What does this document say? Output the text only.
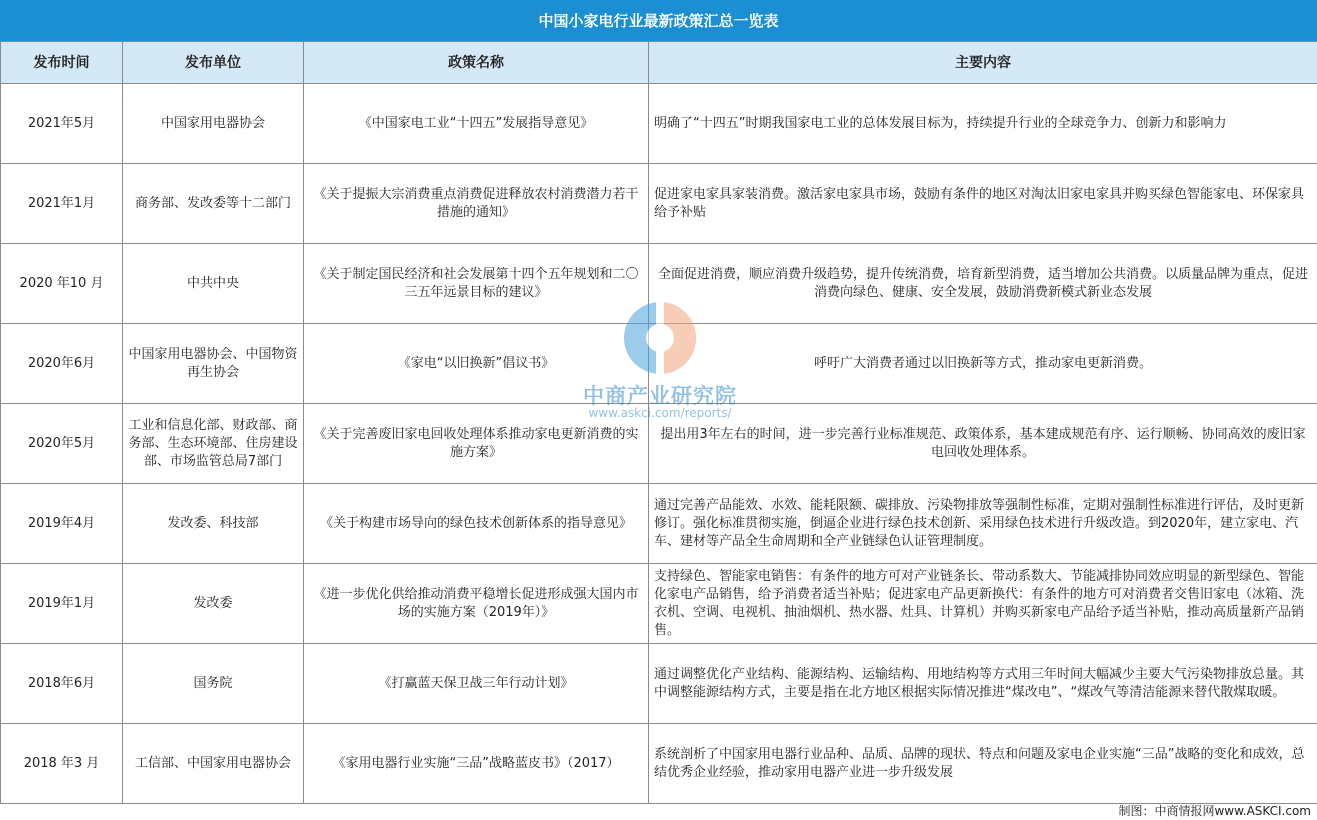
中国小家电行业最新政策汇总一览表
发布时间	发布单位	政策名称	主要内容
2021年5月	中国家用电器协会	《中国家电工业“十四五”发展指导意见》	明确了“十四五”时期我国家电工业的总体发展目标为，持续提升行业的全球竞争力、创新力和影响力
2021年1月	商务部、发改委等十二部门	《关于提振大宗消费重点消费促进释放农村消费潜力若干措施的通知》	促进家电家具家装消费。激活家电家具市场，鼓励有条件的地区对淘汰旧家电家具并购买绿色智能家电、环保家具给予补贴
2020 年10 月	中共中央	《关于制定国民经济和社会发展第十四个五年规划和二〇三五年远景目标的建议》	全面促进消费，顺应消费升级趋势，提升传统消费，培育新型消费，适当增加公共消费。以质量品牌为重点，促进消费向绿色、健康、安全发展，鼓励消费新模式新业态发展
2020年6月	中国家用电器协会、中国物资再生协会	《家电“以旧换新”倡议书》	呼吁广大消费者通过以旧换新等方式，推动家电更新消费。
2020年5月	工业和信息化部、财政部、商务部、生态环境部、住房建设部、市场监管总局7部门	《关于完善废旧家电回收处理体系推动家电更新消费的实施方案》	提出用3年左右的时间，进一步完善行业标准规范、政策体系，基本建成规范有序、运行顺畅、协同高效的废旧家电回收处理体系。
2019年4月	发改委、科技部	《关于构建市场导向的绿色技术创新体系的指导意见》	通过完善产品能效、水效、能耗限额、碳排放、污染物排放等强制性标准，定期对强制性标准进行评估，及时更新修订。强化标准贯彻实施，倒逼企业进行绿色技术创新、采用绿色技术进行升级改造。到2020年，建立家电、汽车、建材等产品全生命周期和全产业链绿色认证管理制度。
2019年1月	发改委	《进一步优化供给推动消费平稳增长促进形成强大国内市场的实施方案（2019年）》	支持绿色、智能家电销售：有条件的地方可对产业链条长、带动系数大、节能减排协同效应明显的新型绿色、智能化家电产品销售，给予消费者适当补贴；促进家电产品更新换代：有条件的地方可对消费者交售旧家电（冰箱、洗衣机、空调、电视机、抽油烟机、热水器、灶具、计算机）并购买新家电产品给予适当补贴，推动高质量新产品销售。
2018年6月	国务院	《打赢蓝天保卫战三年行动计划》	通过调整优化产业结构、能源结构、运输结构、用地结构等方式用三年时间大幅减少主要大气污染物排放总量。其中调整能源结构方式，主要是指在北方地区根据实际情况推进“煤改电”、“煤改气等清洁能源来替代散煤取暖。
2018 年3 月	工信部、中国家用电器协会	《家用电器行业实施“三品”战略蓝皮书》（2017）	系统剖析了中国家用电器行业品种、品质、品牌的现状、特点和问题及家电企业实施“三品”战略的变化和成效，总结优秀企业经验，推动家用电器产业进一步升级发展
中商产业研究院
www.askci.com/reports/
制图：中商情报网www.ASKCI.com
